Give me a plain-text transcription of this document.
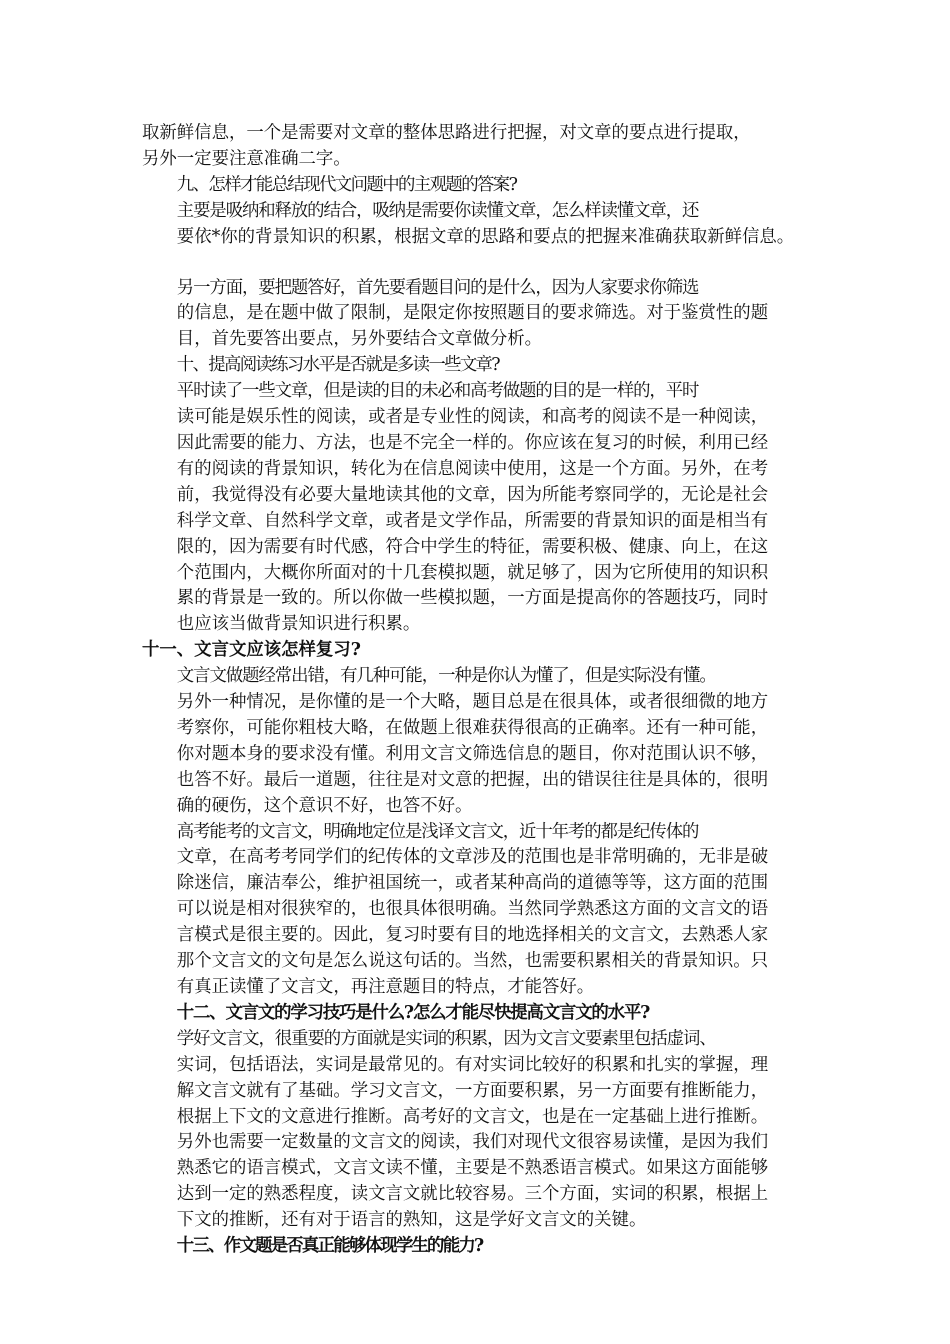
取新鲜信息，一个是需要对文章的整体思路进行把握，对文章的要点进行提取，
另外一定要注意准确二字。
九、怎样才能总结现代文问题中的主观题的答案?
主要是吸纳和释放的结合，吸纳是需要你读懂文章，怎么样读懂文章，还
要依*你的背景知识的积累，根据文章的思路和要点的把握来准确获取新鲜信息。
另一方面，要把题答好，首先要看题目问的是什么，因为人家要求你筛选
的信息，是在题中做了限制，是限定你按照题目的要求筛选。对于鉴赏性的题
目，首先要答出要点，另外要结合文章做分析。
十、提高阅读练习水平是否就是多读一些文章?
平时读了一些文章，但是读的目的未必和高考做题的目的是一样的，平时
读可能是娱乐性的阅读，或者是专业性的阅读，和高考的阅读不是一种阅读，
因此需要的能力、方法，也是不完全一样的。你应该在复习的时候，利用已经
有的阅读的背景知识，转化为在信息阅读中使用，这是一个方面。另外，在考
前，我觉得没有必要大量地读其他的文章，因为所能考察同学的，无论是社会
科学文章、自然科学文章，或者是文学作品，所需要的背景知识的面是相当有
限的，因为需要有时代感，符合中学生的特征，需要积极、健康、向上，在这
个范围内，大概你所面对的十几套模拟题，就足够了，因为它所使用的知识积
累的背景是一致的。所以你做一些模拟题，一方面是提高你的答题技巧，同时
也应该当做背景知识进行积累。
十一、文言文应该怎样复习?
文言文做题经常出错，有几种可能，一种是你认为懂了，但是实际没有懂。
另外一种情况，是你懂的是一个大略，题目总是在很具体，或者很细微的地方
考察你，可能你粗枝大略，在做题上很难获得很高的正确率。还有一种可能，
你对题本身的要求没有懂。利用文言文筛选信息的题目，你对范围认识不够，
也答不好。最后一道题，往往是对文意的把握，出的错误往往是具体的，很明
确的硬伤，这个意识不好，也答不好。
高考能考的文言文，明确地定位是浅译文言文，近十年考的都是纪传体的
文章，在高考考同学们的纪传体的文章涉及的范围也是非常明确的，无非是破
除迷信，廉洁奉公，维护祖国统一，或者某种高尚的道德等等，这方面的范围
可以说是相对很狭窄的，也很具体很明确。当然同学熟悉这方面的文言文的语
言模式是很主要的。因此，复习时要有目的地选择相关的文言文，去熟悉人家
那个文言文的文句是怎么说这句话的。当然，也需要积累相关的背景知识。只
有真正读懂了文言文，再注意题目的特点，才能答好。
十二、文言文的学习技巧是什么?怎么才能尽快提高文言文的水平?
学好文言文，很重要的方面就是实词的积累，因为文言文要素里包括虚词、
实词，包括语法，实词是最常见的。有对实词比较好的积累和扎实的掌握，理
解文言文就有了基础。学习文言文，一方面要积累，另一方面要有推断能力，
根据上下文的文意进行推断。高考好的文言文，也是在一定基础上进行推断。
另外也需要一定数量的文言文的阅读，我们对现代文很容易读懂，是因为我们
熟悉它的语言模式，文言文读不懂，主要是不熟悉语言模式。如果这方面能够
达到一定的熟悉程度，读文言文就比较容易。三个方面，实词的积累，根据上
下文的推断，还有对于语言的熟知，这是学好文言文的关键。
十三、作文题是否真正能够体现学生的能力?
